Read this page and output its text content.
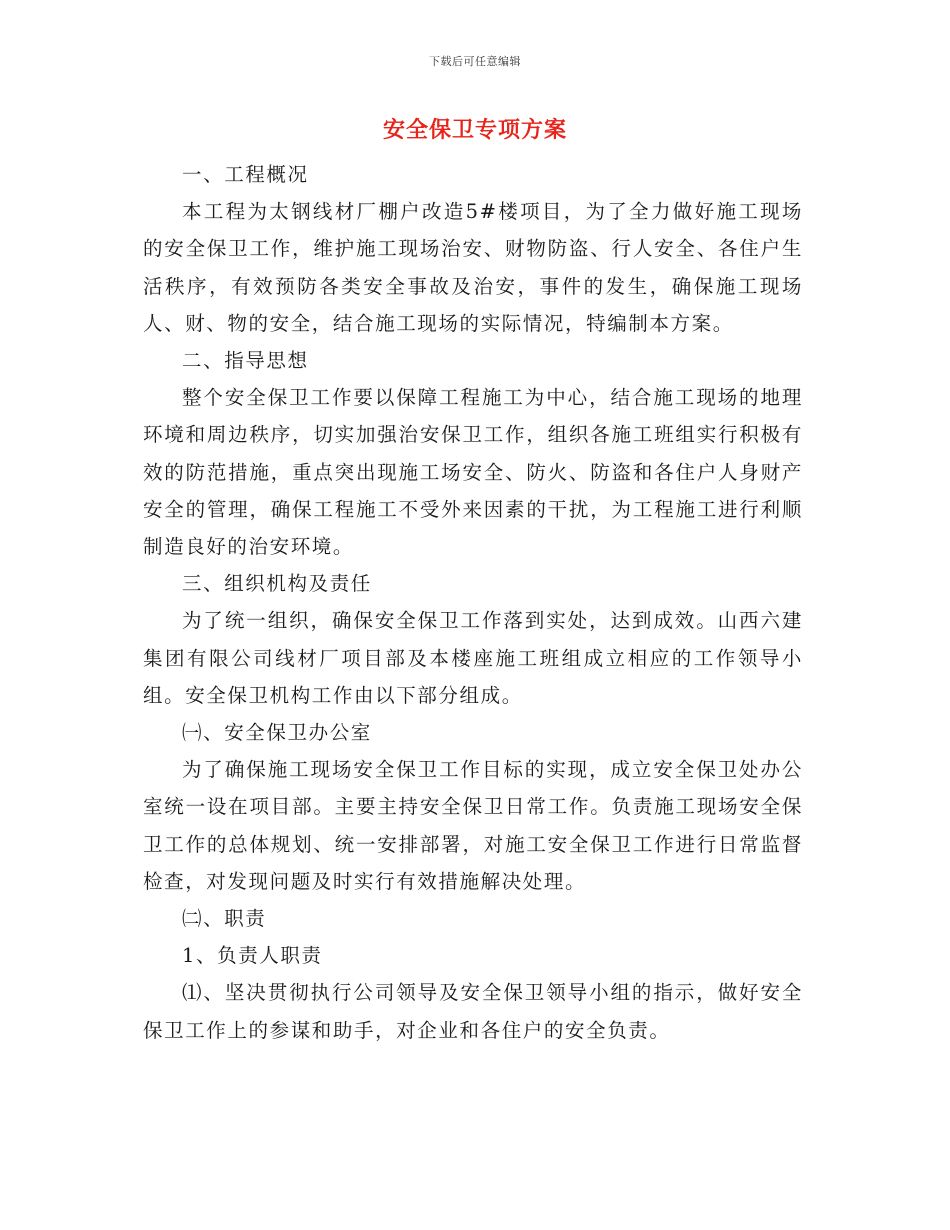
下载后可任意编辑
安全保卫专项方案

一、工程概况

本工程为太钢线材厂棚户改造5#楼项目，为了全力做好施工现场的安全保卫工作，维护施工现场治安、财物防盗、行人安全、各住户生活秩序，有效预防各类安全事故及治安，事件的发生，确保施工现场人、财、物的安全，结合施工现场的实际情况，特编制本方案。

二、指导思想

整个安全保卫工作要以保障工程施工为中心，结合施工现场的地理环境和周边秩序，切实加强治安保卫工作，组织各施工班组实行积极有效的防范措施，重点突出现施工场安全、防火、防盗和各住户人身财产安全的管理，确保工程施工不受外来因素的干扰，为工程施工进行利顺制造良好的治安环境。

三、组织机构及责任

为了统一组织，确保安全保卫工作落到实处，达到成效。山西六建集团有限公司线材厂项目部及本楼座施工班组成立相应的工作领导小组。安全保卫机构工作由以下部分组成。

㈠、安全保卫办公室

为了确保施工现场安全保卫工作目标的实现，成立安全保卫处办公室统一设在项目部。主要主持安全保卫日常工作。负责施工现场安全保卫工作的总体规划、统一安排部署，对施工安全保卫工作进行日常监督检查，对发现问题及时实行有效措施解决处理。

㈡、职责

1、负责人职责

⑴、坚决贯彻执行公司领导及安全保卫领导小组的指示，做好安全保卫工作上的参谋和助手，对企业和各住户的安全负责。
